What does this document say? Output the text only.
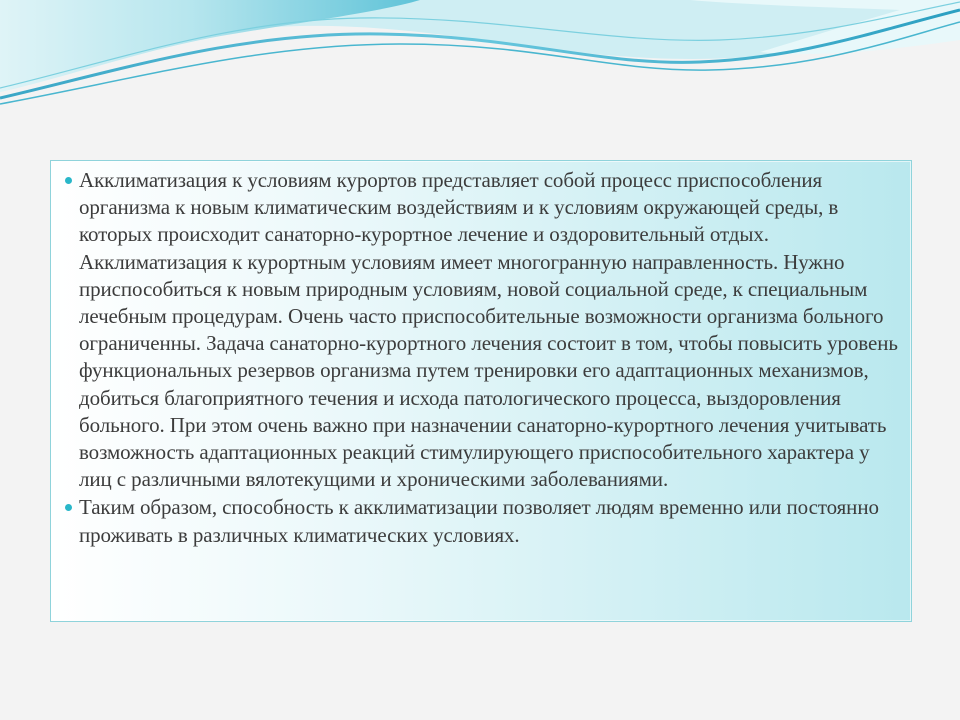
Акклиматизация к условиям курортов представляет собой процесс приспособления организма к новым климатическим воздействиям и к условиям окружающей среды, в которых происходит санаторно-курортное лечение и оздоровительный отдых. Акклиматизация к курортным условиям имеет многогранную направленность. Нужно приспособиться к новым природным условиям, новой социальной среде, к специальным лечебным процедурам. Очень часто приспособительные возможности организма больного ограниченны. Задача санаторно-курортного лечения состоит в том, чтобы повысить уровень функциональных резервов организма путем тренировки его адаптационных механизмов, добиться благоприятного течения и исхода патологического процесса, выздоровления больного. При этом очень важно при назначении санаторно-курортного лечения учитывать возможность адаптационных реакций стимулирующего приспособительного характера у лиц с различными вялотекущими и хроническими заболеваниями.
Таким образом, способность к акклиматизации позволяет людям временно или постоянно проживать в различных климатических условиях.
